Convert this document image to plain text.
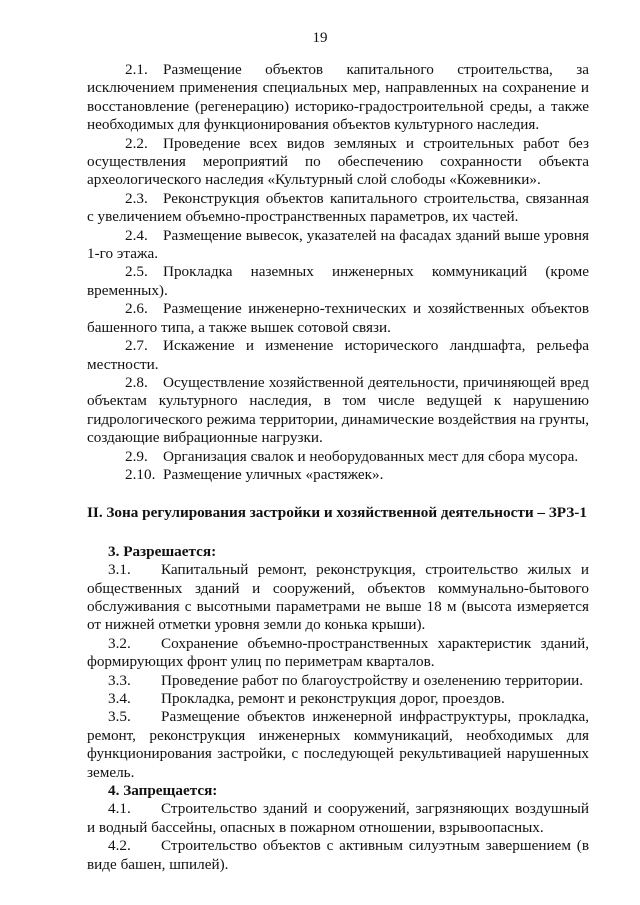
19

2.1. Размещение объектов капитального строительства, за исключением применения специальных мер, направленных на сохранение и восстановление (регенерацию) историко-градостроительной среды, а также необходимых для функционирования объектов культурного наследия.

2.2. Проведение всех видов земляных и строительных работ без осуществления мероприятий по обеспечению сохранности объекта археологического наследия «Культурный слой слободы «Кожевники».

2.3. Реконструкция объектов капитального строительства, связанная с увеличением объемно-пространственных параметров, их частей.

2.4. Размещение вывесок, указателей на фасадах зданий выше уровня 1-го этажа.

2.5. Прокладка наземных инженерных коммуникаций (кроме временных).

2.6. Размещение инженерно-технических и хозяйственных объектов башенного типа, а также вышек сотовой связи.

2.7. Искажение и изменение исторического ландшафта, рельефа местности.

2.8. Осуществление хозяйственной деятельности, причиняющей вред объектам культурного наследия, в том числе ведущей к нарушению гидрологического режима территории, динамические воздействия на грунты, создающие вибрационные нагрузки.

2.9. Организация свалок и необорудованных мест для сбора мусора.

2.10. Размещение уличных «растяжек».

II. Зона регулирования застройки и хозяйственной деятельности – ЗРЗ-1

3. Разрешается:

3.1. Капитальный ремонт, реконструкция, строительство жилых и общественных зданий и сооружений, объектов коммунально-бытового обслуживания с высотными параметрами не выше 18 м (высота измеряется от нижней отметки уровня земли до конька крыши).

3.2. Сохранение объемно-пространственных характеристик зданий, формирующих фронт улиц по периметрам кварталов.

3.3. Проведение работ по благоустройству и озеленению территории.

3.4. Прокладка, ремонт и реконструкция дорог, проездов.

3.5. Размещение объектов инженерной инфраструктуры, прокладка, ремонт, реконструкция инженерных коммуникаций, необходимых для функционирования застройки, с последующей рекультивацией нарушенных земель.

4. Запрещается:

4.1. Строительство зданий и сооружений, загрязняющих воздушный и водный бассейны, опасных в пожарном отношении, взрывоопасных.

4.2. Строительство объектов с активным силуэтным завершением (в виде башен, шпилей).
